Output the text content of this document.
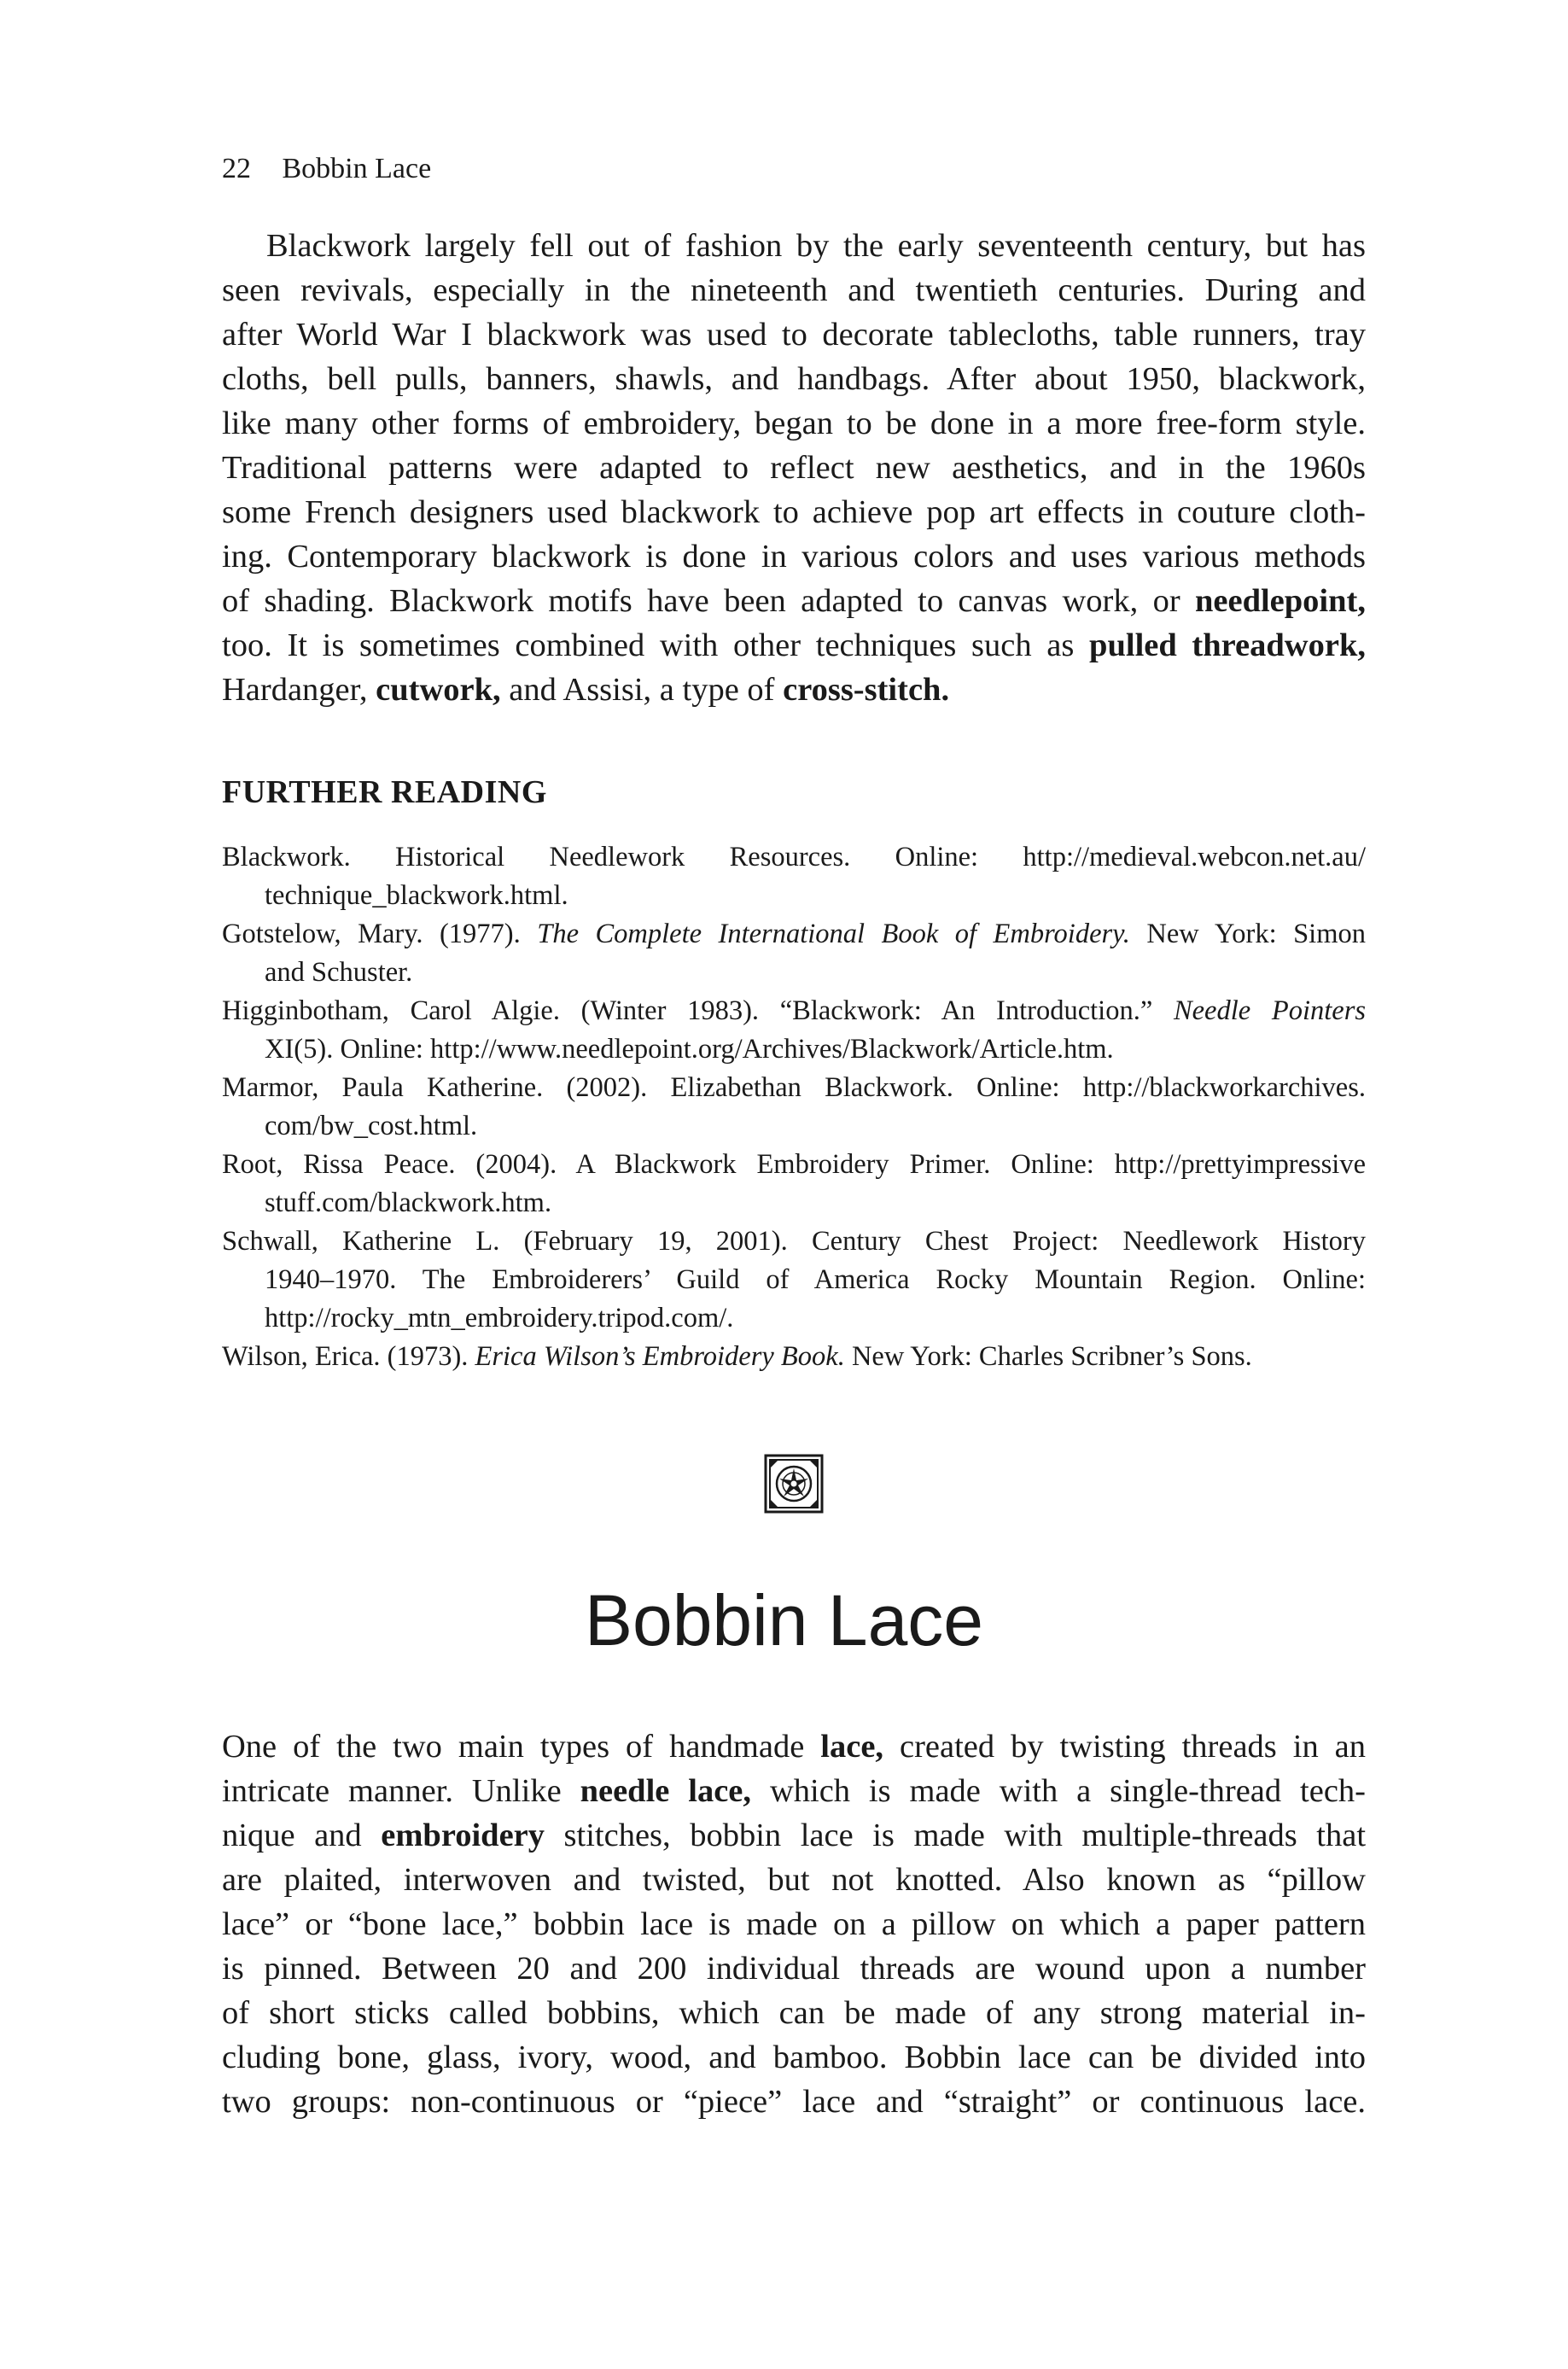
22 Bobbin Lace
Blackwork largely fell out of fashion by the early seventeenth century, but has
seen revivals, especially in the nineteenth and twentieth centuries. During and
after World War I blackwork was used to decorate tablecloths, table runners, tray
cloths, bell pulls, banners, shawls, and handbags. After about 1950, blackwork,
like many other forms of embroidery, began to be done in a more free-form style.
Traditional patterns were adapted to reflect new aesthetics, and in the 1960s
some French designers used blackwork to achieve pop art effects in couture cloth-
ing. Contemporary blackwork is done in various colors and uses various methods
of shading. Blackwork motifs have been adapted to canvas work, or needlepoint,
too. It is sometimes combined with other techniques such as pulled threadwork,
Hardanger, cutwork, and Assisi, a type of cross-stitch.
FURTHER READING
Blackwork. Historical Needlework Resources. Online: http://medieval.webcon.net.au/
technique_blackwork.html.
Gotstelow, Mary. (1977). The Complete International Book of Embroidery. New York: Simon
and Schuster.
Higginbotham, Carol Algie. (Winter 1983). “Blackwork: An Introduction.” Needle Pointers
XI(5). Online: http://www.needlepoint.org/Archives/Blackwork/Article.htm.
Marmor, Paula Katherine. (2002). Elizabethan Blackwork. Online: http://blackworkarchives.
com/bw_cost.html.
Root, Rissa Peace. (2004). A Blackwork Embroidery Primer. Online: http://prettyimpressive
stuff.com/blackwork.htm.
Schwall, Katherine L. (February 19, 2001). Century Chest Project: Needlework History
1940–1970. The Embroiderers’ Guild of America Rocky Mountain Region. Online:
http://rocky_mtn_embroidery.tripod.com/.
Wilson, Erica. (1973). Erica Wilson’s Embroidery Book. New York: Charles Scribner’s Sons.
Bobbin Lace
One of the two main types of handmade lace, created by twisting threads in an
intricate manner. Unlike needle lace, which is made with a single-thread tech-
nique and embroidery stitches, bobbin lace is made with multiple-threads that
are plaited, interwoven and twisted, but not knotted. Also known as “pillow
lace” or “bone lace,” bobbin lace is made on a pillow on which a paper pattern
is pinned. Between 20 and 200 individual threads are wound upon a number
of short sticks called bobbins, which can be made of any strong material in-
cluding bone, glass, ivory, wood, and bamboo. Bobbin lace can be divided into
two groups: non-continuous or “piece” lace and “straight” or continuous lace.
